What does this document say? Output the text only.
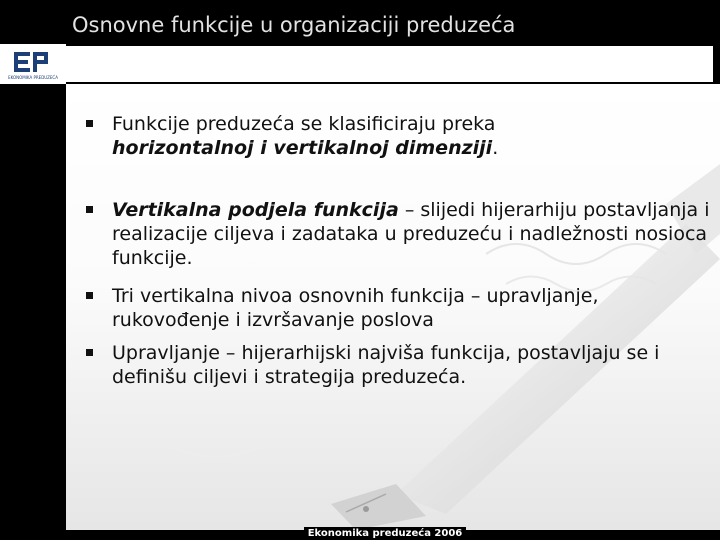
Osnovne funkcije u organizaciji preduzeća
EKONOMIKA PREDUZEĆA
35
Funkcije preduzeća se klasificiraju preka
horizontalnoj i vertikalnoj dimenziji.
Vertikalna podjela funkcija – slijedi hijerarhiju postavljanja i realizacije ciljeva i zadataka u preduzeću i nadležnosti nosioca funkcije.
Tri vertikalna nivoa osnovnih funkcija – upravljanje, rukovođenje i izvršavanje poslova
Upravljanje – hijerarhijski najviša funkcija, postavljaju se i definišu ciljevi i strategija preduzeća.
Ekonomika preduzeća 2006
